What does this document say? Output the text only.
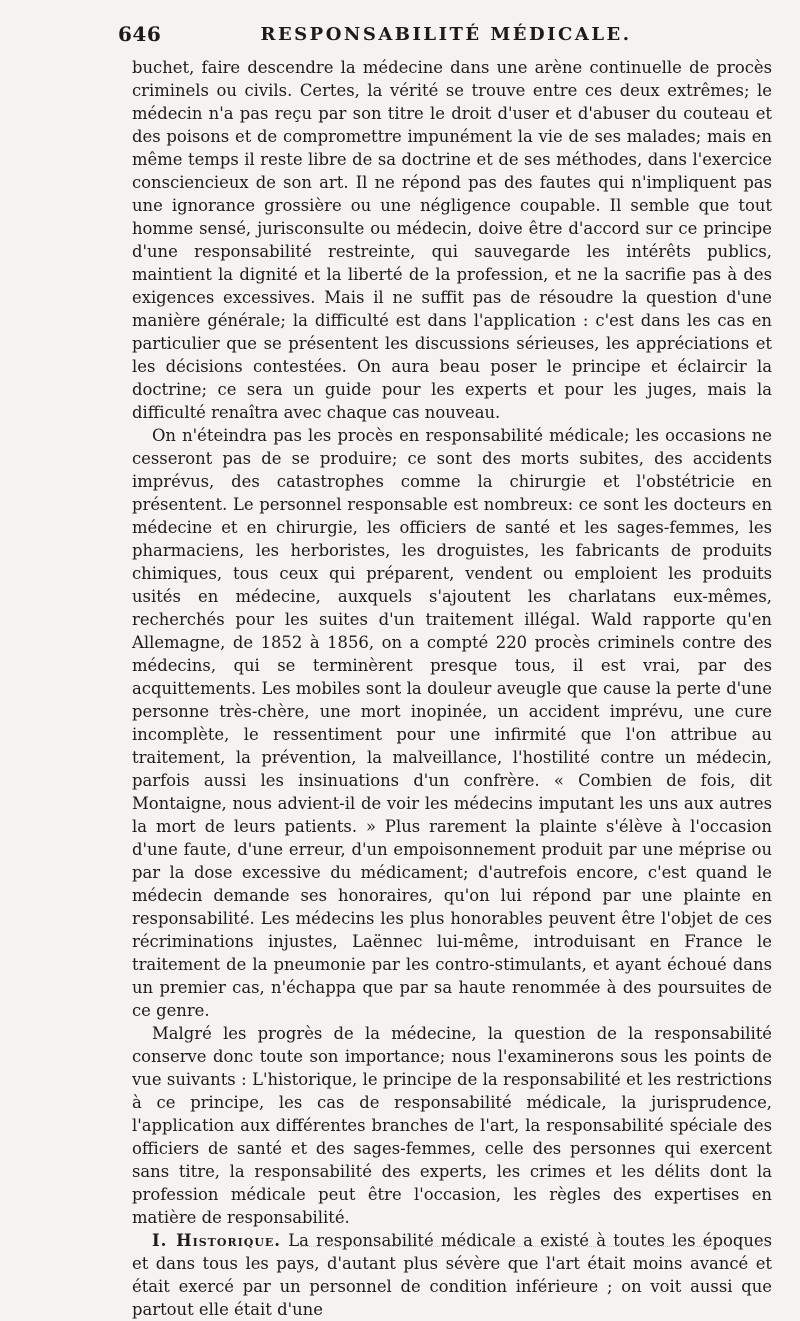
646	RESPONSABILITÉ MÉDICALE.

buchet, faire descendre la médecine dans une arène continuelle de procès criminels ou civils. Certes, la vérité se trouve entre ces deux extrêmes; le médecin n'a pas reçu par son titre le droit d'user et d'abuser du couteau et des poisons et de compromettre impunément la vie de ses malades; mais en même temps il reste libre de sa doctrine et de ses méthodes, dans l'exercice consciencieux de son art. Il ne répond pas des fautes qui n'impliquent pas une ignorance grossière ou une négligence coupable. Il semble que tout homme sensé, jurisconsulte ou médecin, doive être d'accord sur ce principe d'une responsabilité restreinte, qui sauvegarde les intérêts publics, maintient la dignité et la liberté de la profession, et ne la sacrifie pas à des exigences excessives. Mais il ne suffit pas de résoudre la question d'une manière générale; la difficulté est dans l'application : c'est dans les cas en particulier que se présentent les discussions sérieuses, les appréciations et les décisions contestées. On aura beau poser le principe et éclaircir la doctrine; ce sera un guide pour les experts et pour les juges, mais la difficulté renaîtra avec chaque cas nouveau.

On n'éteindra pas les procès en responsabilité médicale; les occasions ne cesseront pas de se produire; ce sont des morts subites, des accidents imprévus, des catastrophes comme la chirurgie et l'obstétricie en présentent. Le personnel responsable est nombreux: ce sont les docteurs en médecine et en chirurgie, les officiers de santé et les sages-femmes, les pharmaciens, les herboristes, les droguistes, les fabricants de produits chimiques, tous ceux qui préparent, vendent ou emploient les produits usités en médecine, auxquels s'ajoutent les charlatans eux-mêmes, recherchés pour les suites d'un traitement illégal. Wald rapporte qu'en Allemagne, de 1852 à 1856, on a compté 220 procès criminels contre des médecins, qui se terminèrent presque tous, il est vrai, par des acquittements. Les mobiles sont la douleur aveugle que cause la perte d'une personne très-chère, une mort inopinée, un accident imprévu, une cure incomplète, le ressentiment pour une infirmité que l'on attribue au traitement, la prévention, la malveillance, l'hostilité contre un médecin, parfois aussi les insinuations d'un confrère. « Combien de fois, dit Montaigne, nous advient-il de voir les médecins imputant les uns aux autres la mort de leurs patients. » Plus rarement la plainte s'élève à l'occasion d'une faute, d'une erreur, d'un empoisonnement produit par une méprise ou par la dose excessive du médicament; d'autrefois encore, c'est quand le médecin demande ses honoraires, qu'on lui répond par une plainte en responsabilité. Les médecins les plus honorables peuvent être l'objet de ces récriminations injustes, Laënnec lui-même, introduisant en France le traitement de la pneumonie par les contro-stimulants, et ayant échoué dans un premier cas, n'échappa que par sa haute renommée à des poursuites de ce genre.

Malgré les progrès de la médecine, la question de la responsabilité conserve donc toute son importance; nous l'examinerons sous les points de vue suivants : L'historique, le principe de la responsabilité et les restrictions à ce principe, les cas de responsabilité médicale, la jurisprudence, l'application aux différentes branches de l'art, la responsabilité spéciale des officiers de santé et des sages-femmes, celle des personnes qui exercent sans titre, la responsabilité des experts, les crimes et les délits dont la profession médicale peut être l'occasion, les règles des expertises en matière de responsabilité.

I. Historique. La responsabilité médicale a existé à toutes les époques et dans tous les pays, d'autant plus sévère que l'art était moins avancé et était exercé par un personnel de condition inférieure ; on voit aussi que partout elle était d'une
